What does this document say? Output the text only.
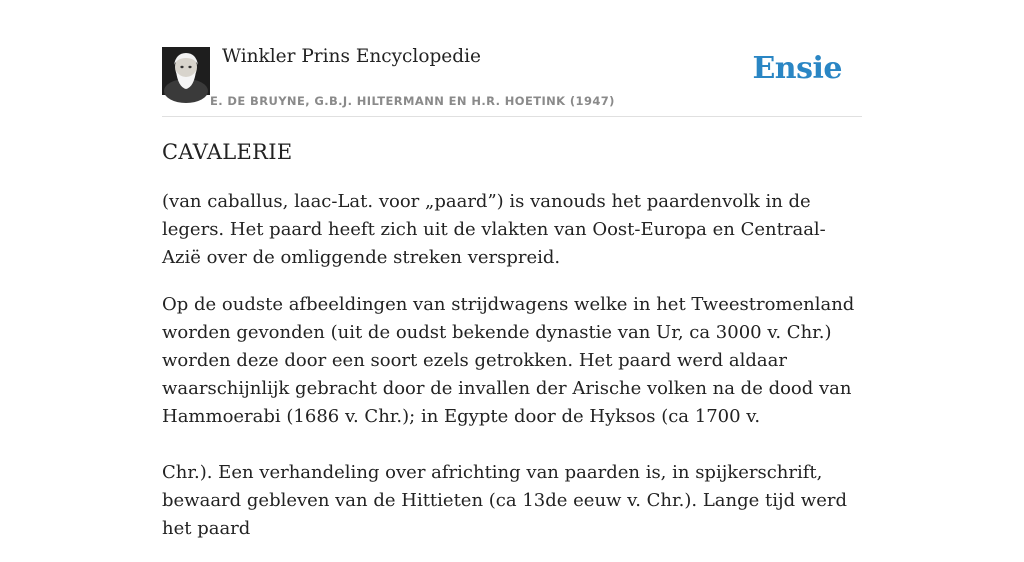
Winkler Prins Encyclopedie
E. DE BRUYNE, G.B.J. HILTERMANN EN H.R. HOETINK (1947)
Ensie
CAVALERIE

(van caballus, laac-Lat. voor „paard”) is vanouds het paardenvolk in de legers. Het paard heeft zich uit de vlakten van Oost-Europa en Centraal-Azië over de omliggende streken verspreid.

Op de oudste afbeeldingen van strijdwagens welke in het Tweestromenland worden gevonden (uit de oudst bekende dynastie van Ur, ca 3000 v. Chr.) worden deze door een soort ezels getrokken. Het paard werd aldaar waarschijnlijk gebracht door de invallen der Arische volken na de dood van Hammoerabi (1686 v. Chr.); in Egypte door de Hyksos (ca 1700 v.

Chr.). Een verhandeling over africhting van paarden is, in spijkerschrift, bewaard gebleven van de Hittieten (ca 13de eeuw v. Chr.). Lange tijd werd het paard
